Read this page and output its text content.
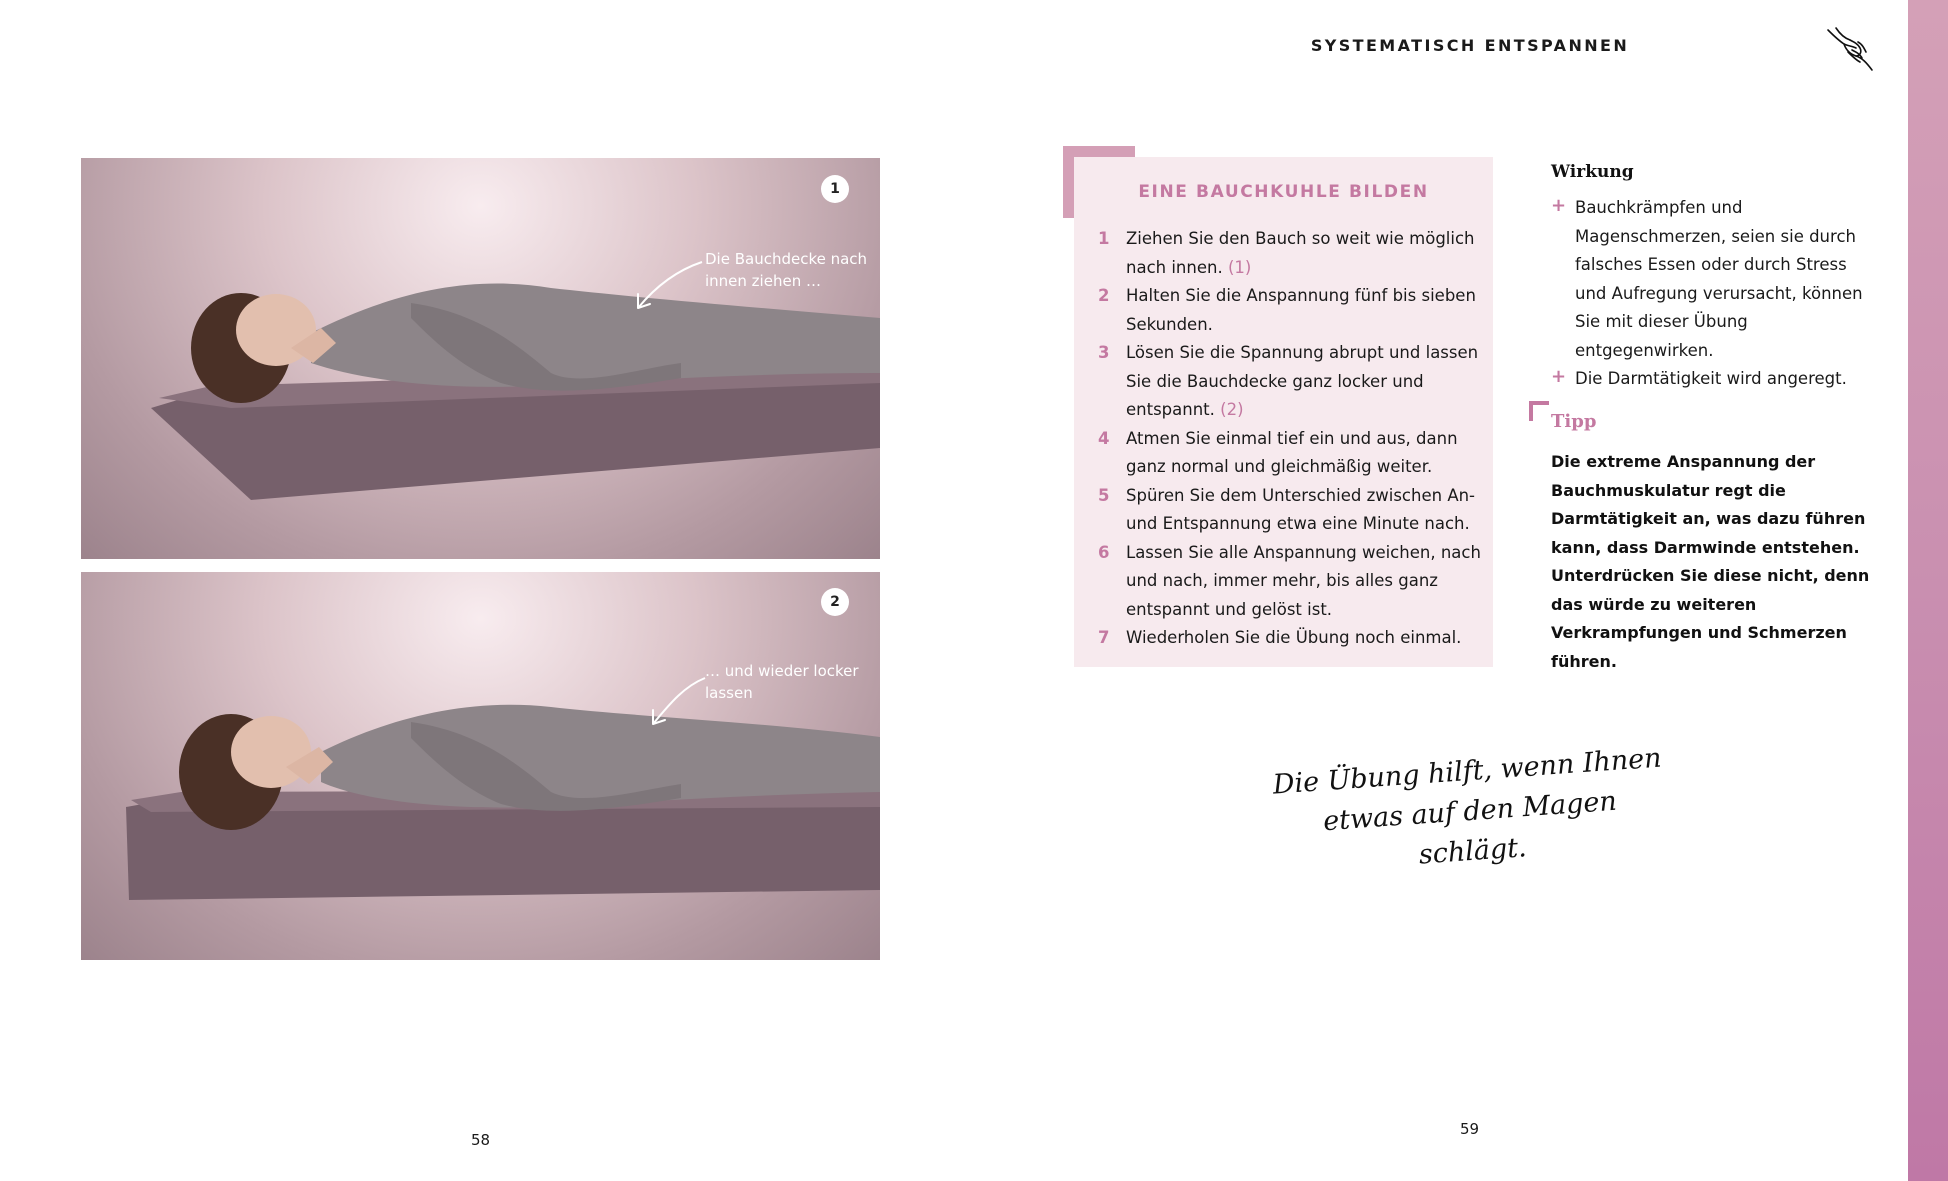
SYSTEMATISCH ENTSPANNEN
1
Die Bauchdecke nach innen ziehen …
2
… und wieder locker lassen
58
59
EINE BAUCHKUHLE BILDEN
1 Ziehen Sie den Bauch so weit wie möglich nach innen. (1)
2 Halten Sie die Anspannung fünf bis sieben Sekunden.
3 Lösen Sie die Spannung abrupt und lassen Sie die Bauchdecke ganz locker und entspannt. (2)
4 Atmen Sie einmal tief ein und aus, dann ganz normal und gleichmäßig weiter.
5 Spüren Sie dem Unterschied zwischen An- und Entspannung etwa eine Minute nach.
6 Lassen Sie alle Anspannung weichen, nach und nach, immer mehr, bis alles ganz entspannt und gelöst ist.
7 Wiederholen Sie die Übung noch einmal.
Wirkung
+ Bauchkrämpfen und Magenschmerzen, seien sie durch falsches Essen oder durch Stress und Aufregung verursacht, können Sie mit dieser Übung entgegenwirken.
+ Die Darmtätigkeit wird angeregt.
Tipp
Die extreme Anspannung der Bauchmuskulatur regt die Darmtätigkeit an, was dazu führen kann, dass Darmwinde entstehen. Unterdrücken Sie diese nicht, denn das würde zu weiteren Verkrampfungen und Schmerzen führen.
Die Übung hilft, wenn Ihnen etwas auf den Magen schlägt.
